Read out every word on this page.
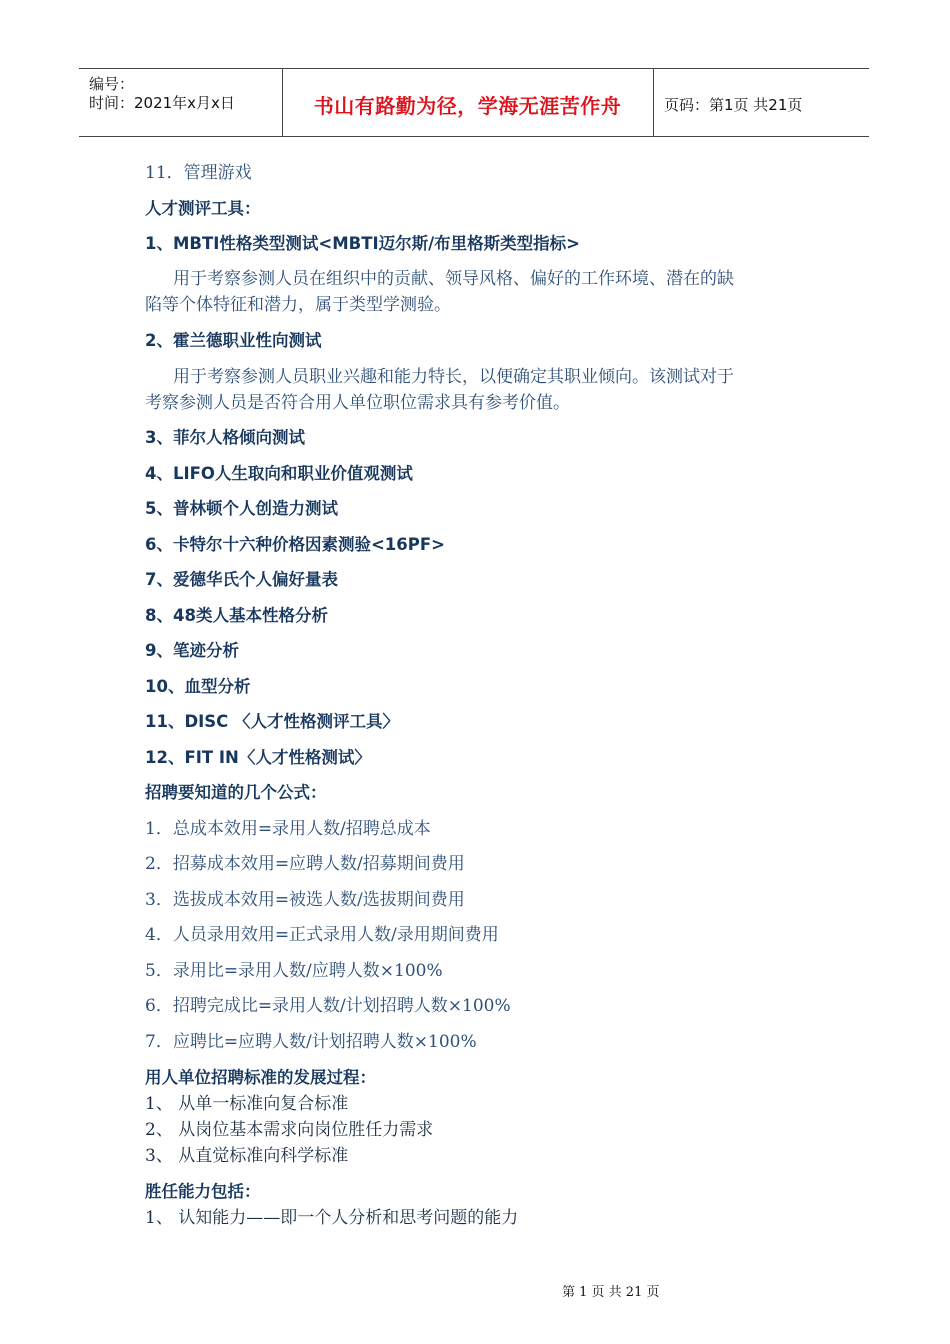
编号：
时间：2021年x月x日	书山有路勤为径，学海无涯苦作舟	页码：第1页 共21页
11．管理游戏
人才测评工具：
1、MBTI性格类型测试<MBTI迈尔斯/布里格斯类型指标>
用于考察参测人员在组织中的贡献、领导风格、偏好的工作环境、潜在的缺
陷等个体特征和潜力，属于类型学测验。
2、霍兰德职业性向测试
用于考察参测人员职业兴趣和能力特长，以便确定其职业倾向。该测试对于
考察参测人员是否符合用人单位职位需求具有参考价值。
3、菲尔人格倾向测试
4、LIFO人生取向和职业价值观测试
5、普林顿个人创造力测试
6、卡特尔十六种价格因素测验<16PF>
7、爱德华氏个人偏好量表
8、48类人基本性格分析
9、笔迹分析
10、血型分析
11、DISC 〈人才性格测评工具〉
12、FIT IN〈人才性格测试〉
招聘要知道的几个公式：
1．总成本效用=录用人数/招聘总成本
2．招募成本效用=应聘人数/招募期间费用
3．选拔成本效用=被选人数/选拔期间费用
4．人员录用效用=正式录用人数/录用期间费用
5．录用比=录用人数/应聘人数×100%
6．招聘完成比=录用人数/计划招聘人数×100%
7．应聘比=应聘人数/计划招聘人数×100%
用人单位招聘标准的发展过程：
1、 从单一标准向复合标准
2、 从岗位基本需求向岗位胜任力需求
3、 从直觉标准向科学标准
胜任能力包括：
1、 认知能力——即一个人分析和思考问题的能力
第 1 页 共 21 页
